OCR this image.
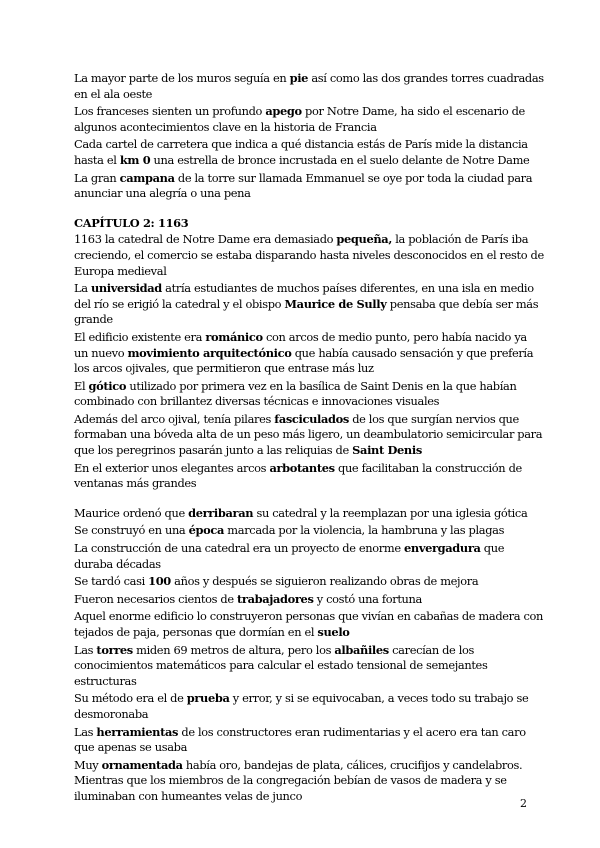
La mayor parte de los muros seguía en pie así como las dos grandes torres cuadradas en el ala oeste

Los franceses sienten un profundo apego por Notre Dame, ha sido el escenario de algunos acontecimientos clave en la historia de Francia

Cada cartel de carretera que indica a qué distancia estás de París mide la distancia hasta el km 0 una estrella de bronce incrustada en el suelo delante de Notre Dame

La gran campana de la torre sur llamada Emmanuel se oye por toda la ciudad para anunciar una alegría o una pena

CAPÍTULO 2: 1163

1163 la catedral de Notre Dame era demasiado pequeña, la población de París iba creciendo, el comercio se estaba disparando hasta niveles desconocidos en el resto de Europa medieval

La universidad atría estudiantes de muchos países diferentes, en una isla en medio del río se erigió la catedral y el obispo Maurice de Sully pensaba que debía ser más grande

El edificio existente era románico con arcos de medio punto, pero había nacido ya un nuevo movimiento arquitectónico que había causado sensación y que prefería los arcos ojivales, que permitieron que entrase más luz

El gótico utilizado por primera vez en la basílica de Saint Denis en la que habían combinado con brillantez diversas técnicas e innovaciones visuales

Además del arco ojival, tenía pilares fasciculados de los que surgían nervios que formaban una bóveda alta de un peso más ligero, un deambulatorio semicircular para que los peregrinos pasarán junto a las reliquias de Saint Denis

En el exterior unos elegantes arcos arbotantes que facilitaban la construcción de ventanas más grandes

Maurice ordenó que derribaran su catedral y la reemplazan por una iglesia gótica

Se construyó en una época marcada por la violencia, la hambruna y las plagas

La construcción de una catedral era un proyecto de enorme envergadura que duraba décadas

Se tardó casi 100 años y después se siguieron realizando obras de mejora

Fueron necesarios cientos de trabajadores y costó una fortuna

Aquel enorme edificio lo construyeron personas que vivían en cabañas de madera con tejados de paja, personas que dormían en el suelo

Las torres miden 69 metros de altura, pero los albañiles carecían de los conocimientos matemáticos para calcular el estado tensional de semejantes estructuras

Su método era el de prueba y error, y si se equivocaban, a veces todo su trabajo se desmoronaba

Las herramientas de los constructores eran rudimentarias y el acero era tan caro que apenas se usaba

Muy ornamentada había oro, bandejas de plata, cálices, crucifijos y candelabros. Mientras que los miembros de la congregación bebían de vasos de madera y se iluminaban con humeantes velas de junco

2
